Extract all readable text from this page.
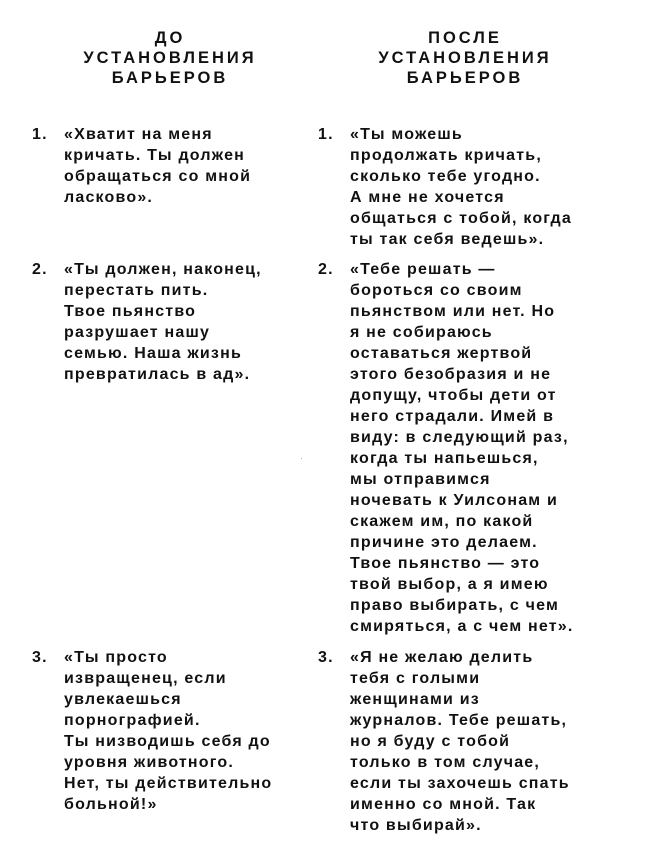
ДО
УСТАНОВЛЕНИЯ
БАРЬЕРОВ
ПОСЛЕ
УСТАНОВЛЕНИЯ
БАРЬЕРОВ
1. «Хватит на меня
кричать. Ты должен
обращаться со мной
ласково».
1. «Ты можешь
продолжать кричать,
сколько тебе угодно.
А мне не хочется
общаться с тобой, когда
ты так себя ведешь».
2. «Ты должен, наконец,
перестать пить.
Твое пьянство
разрушает нашу
семью. Наша жизнь
превратилась в ад».
2. «Тебе решать —
бороться со своим
пьянством или нет. Но
я не собираюсь
оставаться жертвой
этого безобразия и не
допущу, чтобы дети от
него страдали. Имей в
виду: в следующий раз,
когда ты напьешься,
мы отправимся
ночевать к Уилсонам и
скажем им, по какой
причине это делаем.
Твое пьянство — это
твой выбор, а я имею
право выбирать, с чем
смиряться, а с чем нет».
3. «Ты просто
извращенец, если
увлекаешься
порнографией.
Ты низводишь себя до
уровня животного.
Нет, ты действительно
больной!»
3. «Я не желаю делить
тебя с голыми
женщинами из
журналов. Тебе решать,
но я буду с тобой
только в том случае,
если ты захочешь спать
именно со мной. Так
что выбирай».
